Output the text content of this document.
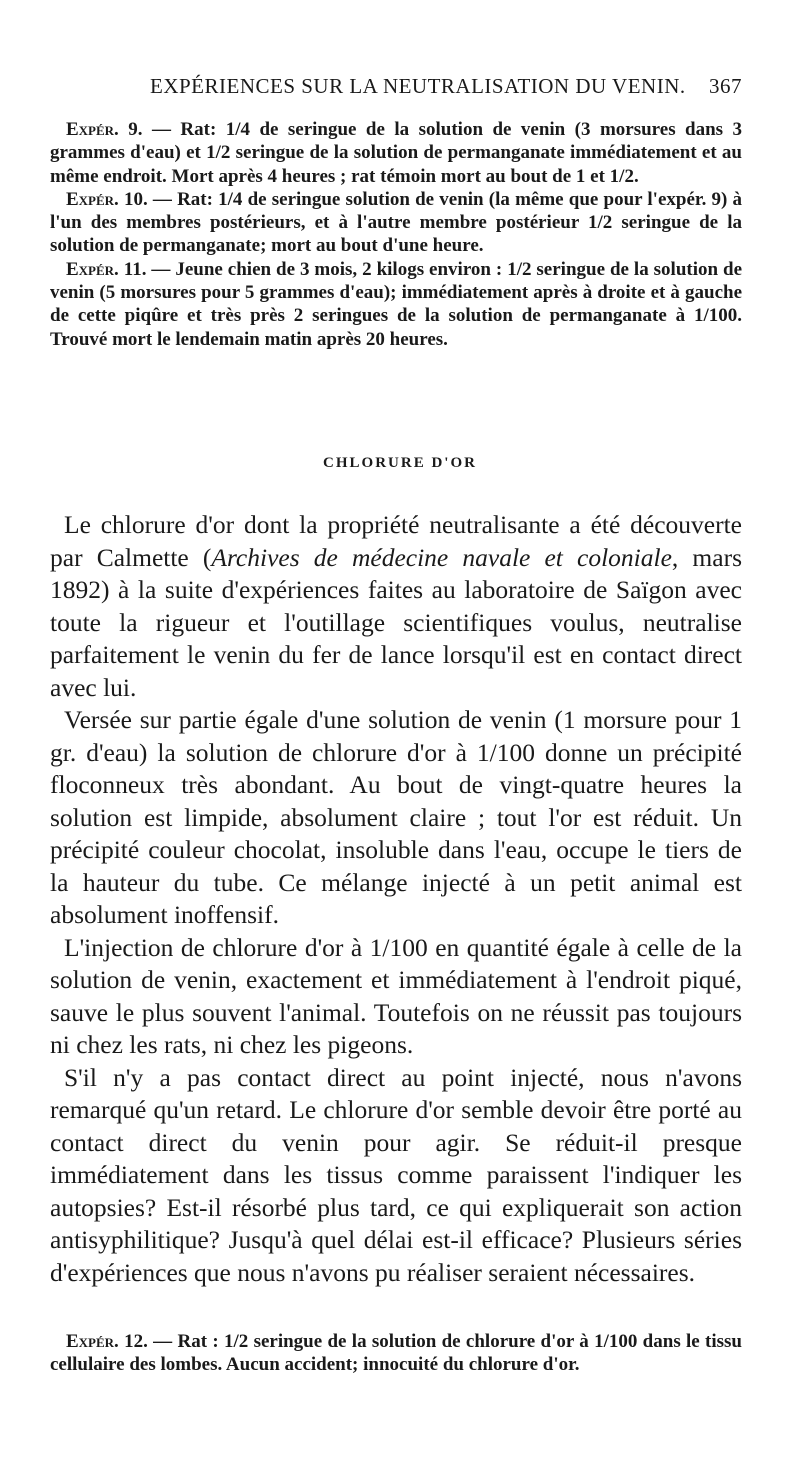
EXPÉRIENCES SUR LA NEUTRALISATION DU VENIN. 367

Expér. 9. — Rat: 1/4 de seringue de la solution de venin (3 morsures dans 3 grammes d'eau) et 1/2 seringue de la solution de permanganate immédiatement et au même endroit. Mort après 4 heures ; rat témoin mort au bout de 1 et 1/2.

Expér. 10. — Rat: 1/4 de seringue solution de venin (la même que pour l'expér. 9) à l'un des membres postérieurs, et à l'autre membre postérieur 1/2 seringue de la solution de permanganate; mort au bout d'une heure.

Expér. 11. — Jeune chien de 3 mois, 2 kilogs environ : 1/2 seringue de la solution de venin (5 morsures pour 5 grammes d'eau); immédiatement après à droite et à gauche de cette piqûre et très près 2 seringues de la solution de permanganate à 1/100. Trouvé mort le lendemain matin après 20 heures.

CHLORURE D'OR

Le chlorure d'or dont la propriété neutralisante a été découverte par Calmette (Archives de médecine navale et coloniale, mars 1892) à la suite d'expériences faites au laboratoire de Saïgon avec toute la rigueur et l'outillage scientifiques voulus, neutralise parfaitement le venin du fer de lance lorsqu'il est en contact direct avec lui.

Versée sur partie égale d'une solution de venin (1 morsure pour 1 gr. d'eau) la solution de chlorure d'or à 1/100 donne un précipité floconneux très abondant. Au bout de vingt-quatre heures la solution est limpide, absolument claire ; tout l'or est réduit. Un précipité couleur chocolat, insoluble dans l'eau, occupe le tiers de la hauteur du tube. Ce mélange injecté à un petit animal est absolument inoffensif.

L'injection de chlorure d'or à 1/100 en quantité égale à celle de la solution de venin, exactement et immédiatement à l'endroit piqué, sauve le plus souvent l'animal. Toutefois on ne réussit pas toujours ni chez les rats, ni chez les pigeons.

S'il n'y a pas contact direct au point injecté, nous n'avons remarqué qu'un retard. Le chlorure d'or semble devoir être porté au contact direct du venin pour agir. Se réduit-il presque immédiatement dans les tissus comme paraissent l'indiquer les autopsies? Est-il résorbé plus tard, ce qui expliquerait son action antisyphilitique? Jusqu'à quel délai est-il efficace? Plusieurs séries d'expériences que nous n'avons pu réaliser seraient nécessaires.

Expér. 12. — Rat : 1/2 seringue de la solution de chlorure d'or à 1/100 dans le tissu cellulaire des lombes. Aucun accident; innocuité du chlorure d'or.
